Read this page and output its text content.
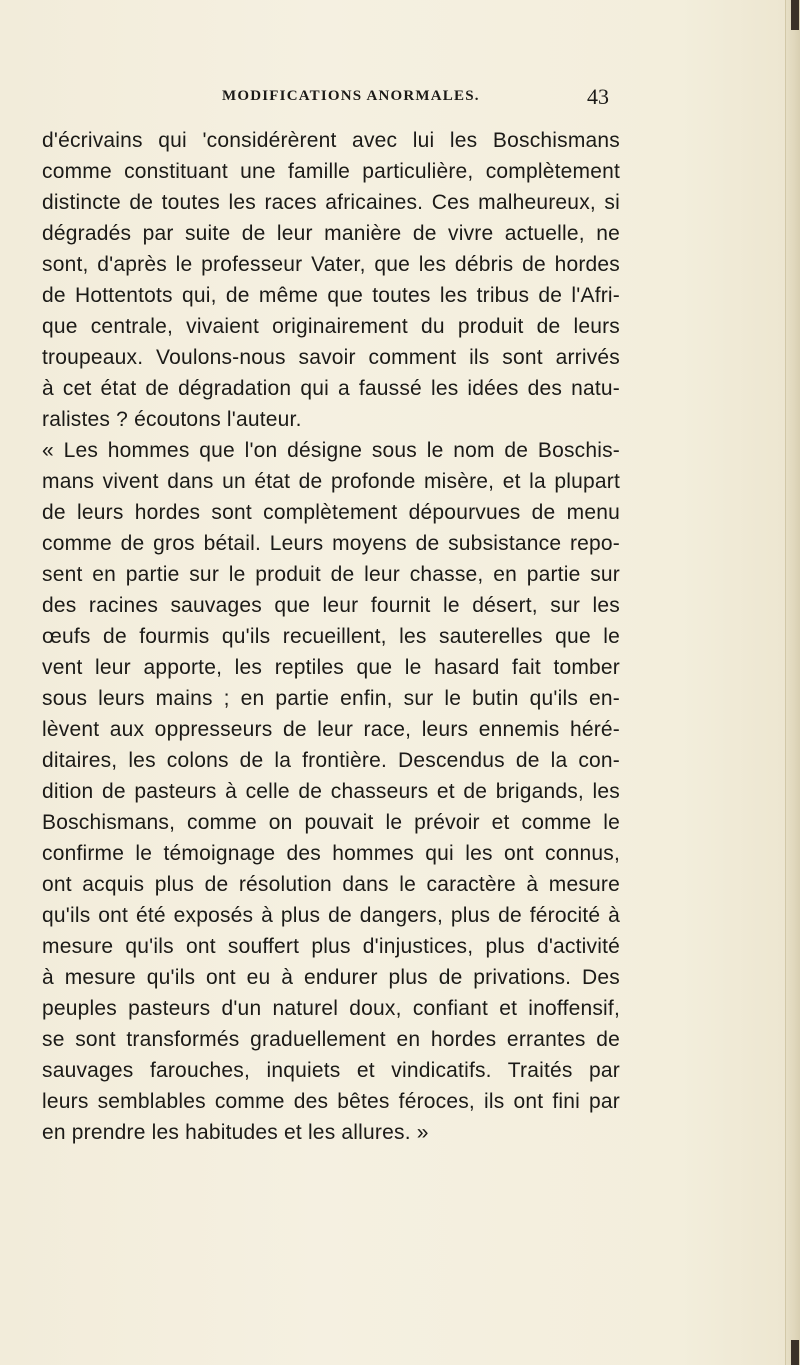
MODIFICATIONS ANORMALES.	43
d'écrivains qui 'considérèrent avec lui les Boschismans
comme constituant une famille particulière, complètement
distincte de toutes les races africaines. Ces malheureux, si
dégradés par suite de leur manière de vivre actuelle, ne
sont, d'après le professeur Vater, que les débris de hordes
de Hottentots qui, de même que toutes les tribus de l'Afri-
que centrale, vivaient originairement du produit de leurs
troupeaux. Voulons-nous savoir comment ils sont arrivés
à cet état de dégradation qui a faussé les idées des natu-
ralistes ? écoutons l'auteur.
« Les hommes que l'on désigne sous le nom de Boschis-
mans vivent dans un état de profonde misère, et la plupart
de leurs hordes sont complètement dépourvues de menu
comme de gros bétail. Leurs moyens de subsistance repo-
sent en partie sur le produit de leur chasse, en partie sur
des racines sauvages que leur fournit le désert, sur les
œufs de fourmis qu'ils recueillent, les sauterelles que le
vent leur apporte, les reptiles que le hasard fait tomber
sous leurs mains ; en partie enfin, sur le butin qu'ils en-
lèvent aux oppresseurs de leur race, leurs ennemis héré-
ditaires, les colons de la frontière. Descendus de la con-
dition de pasteurs à celle de chasseurs et de brigands, les
Boschismans, comme on pouvait le prévoir et comme le
confirme le témoignage des hommes qui les ont connus,
ont acquis plus de résolution dans le caractère à mesure
qu'ils ont été exposés à plus de dangers, plus de férocité à
mesure qu'ils ont souffert plus d'injustices, plus d'activité
à mesure qu'ils ont eu à endurer plus de privations. Des
peuples pasteurs d'un naturel doux, confiant et inoffensif,
se sont transformés graduellement en hordes errantes de
sauvages farouches, inquiets et vindicatifs. Traités par
leurs semblables comme des bêtes féroces, ils ont fini par
en prendre les habitudes et les allures. »
